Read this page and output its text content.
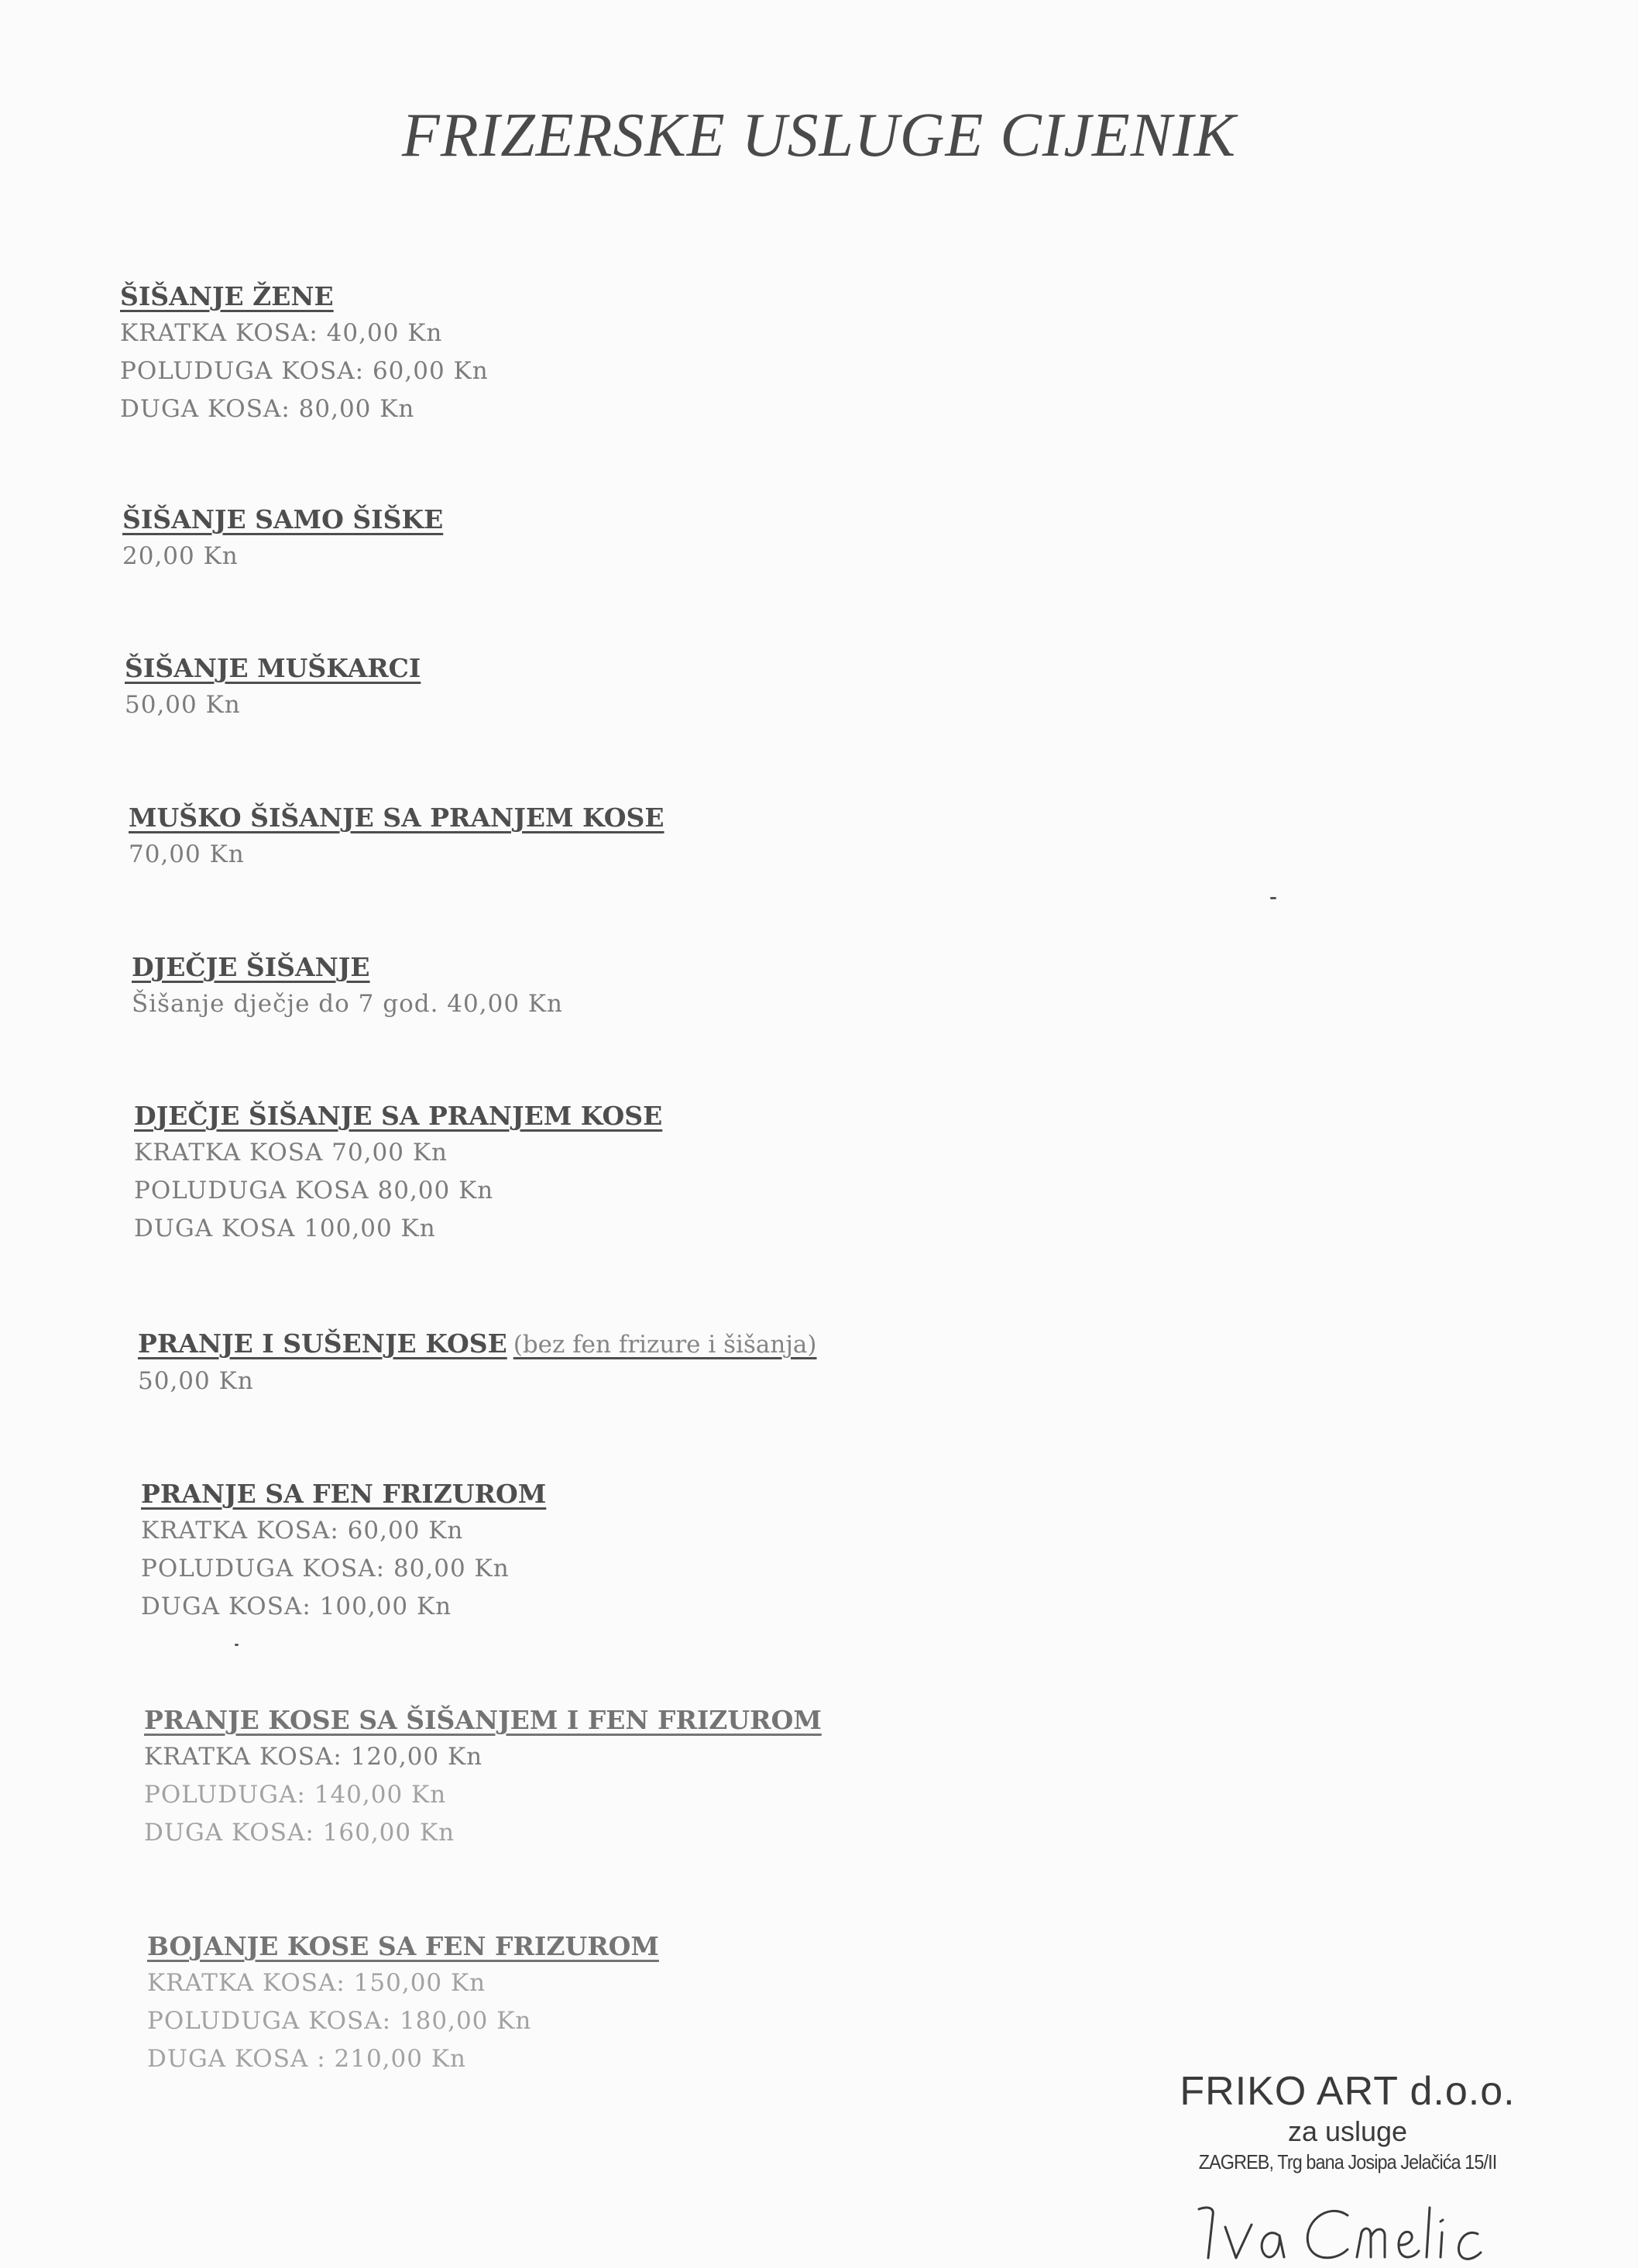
FRIZERSKE USLUGE CIJENIK
ŠIŠANJE ŽENE
KRATKA KOSA: 40,00 Kn
POLUDUGA KOSA: 60,00 Kn
DUGA KOSA: 80,00 Kn
ŠIŠANJE SAMO ŠIŠKE
20,00 Kn
ŠIŠANJE MUŠKARCI
50,00 Kn
MUŠKO ŠIŠANJE SA PRANJEM KOSE
70,00 Kn
DJEČJE ŠIŠANJE
Šišanje dječje do 7 god. 40,00 Kn
DJEČJE ŠIŠANJE SA PRANJEM KOSE
KRATKA KOSA 70,00 Kn
POLUDUGA KOSA 80,00 Kn
DUGA KOSA 100,00 Kn
PRANJE I SUŠENJE KOSE (bez fen frizure i šišanja)
50,00 Kn
PRANJE SA FEN FRIZUROM
KRATKA KOSA: 60,00 Kn
POLUDUGA KOSA: 80,00 Kn
DUGA KOSA: 100,00 Kn
PRANJE KOSE SA ŠIŠANJEM I FEN FRIZUROM
KRATKA KOSA: 120,00 Kn
POLUDUGA: 140,00 Kn
DUGA KOSA: 160,00 Kn
BOJANJE KOSE SA FEN FRIZUROM
KRATKA KOSA: 150,00 Kn
POLUDUGA KOSA: 180,00 Kn
DUGA KOSA : 210,00 Kn
FRIKO ART d.o.o.
za usluge
ZAGREB, Trg bana Josipa Jelačića 15/II
